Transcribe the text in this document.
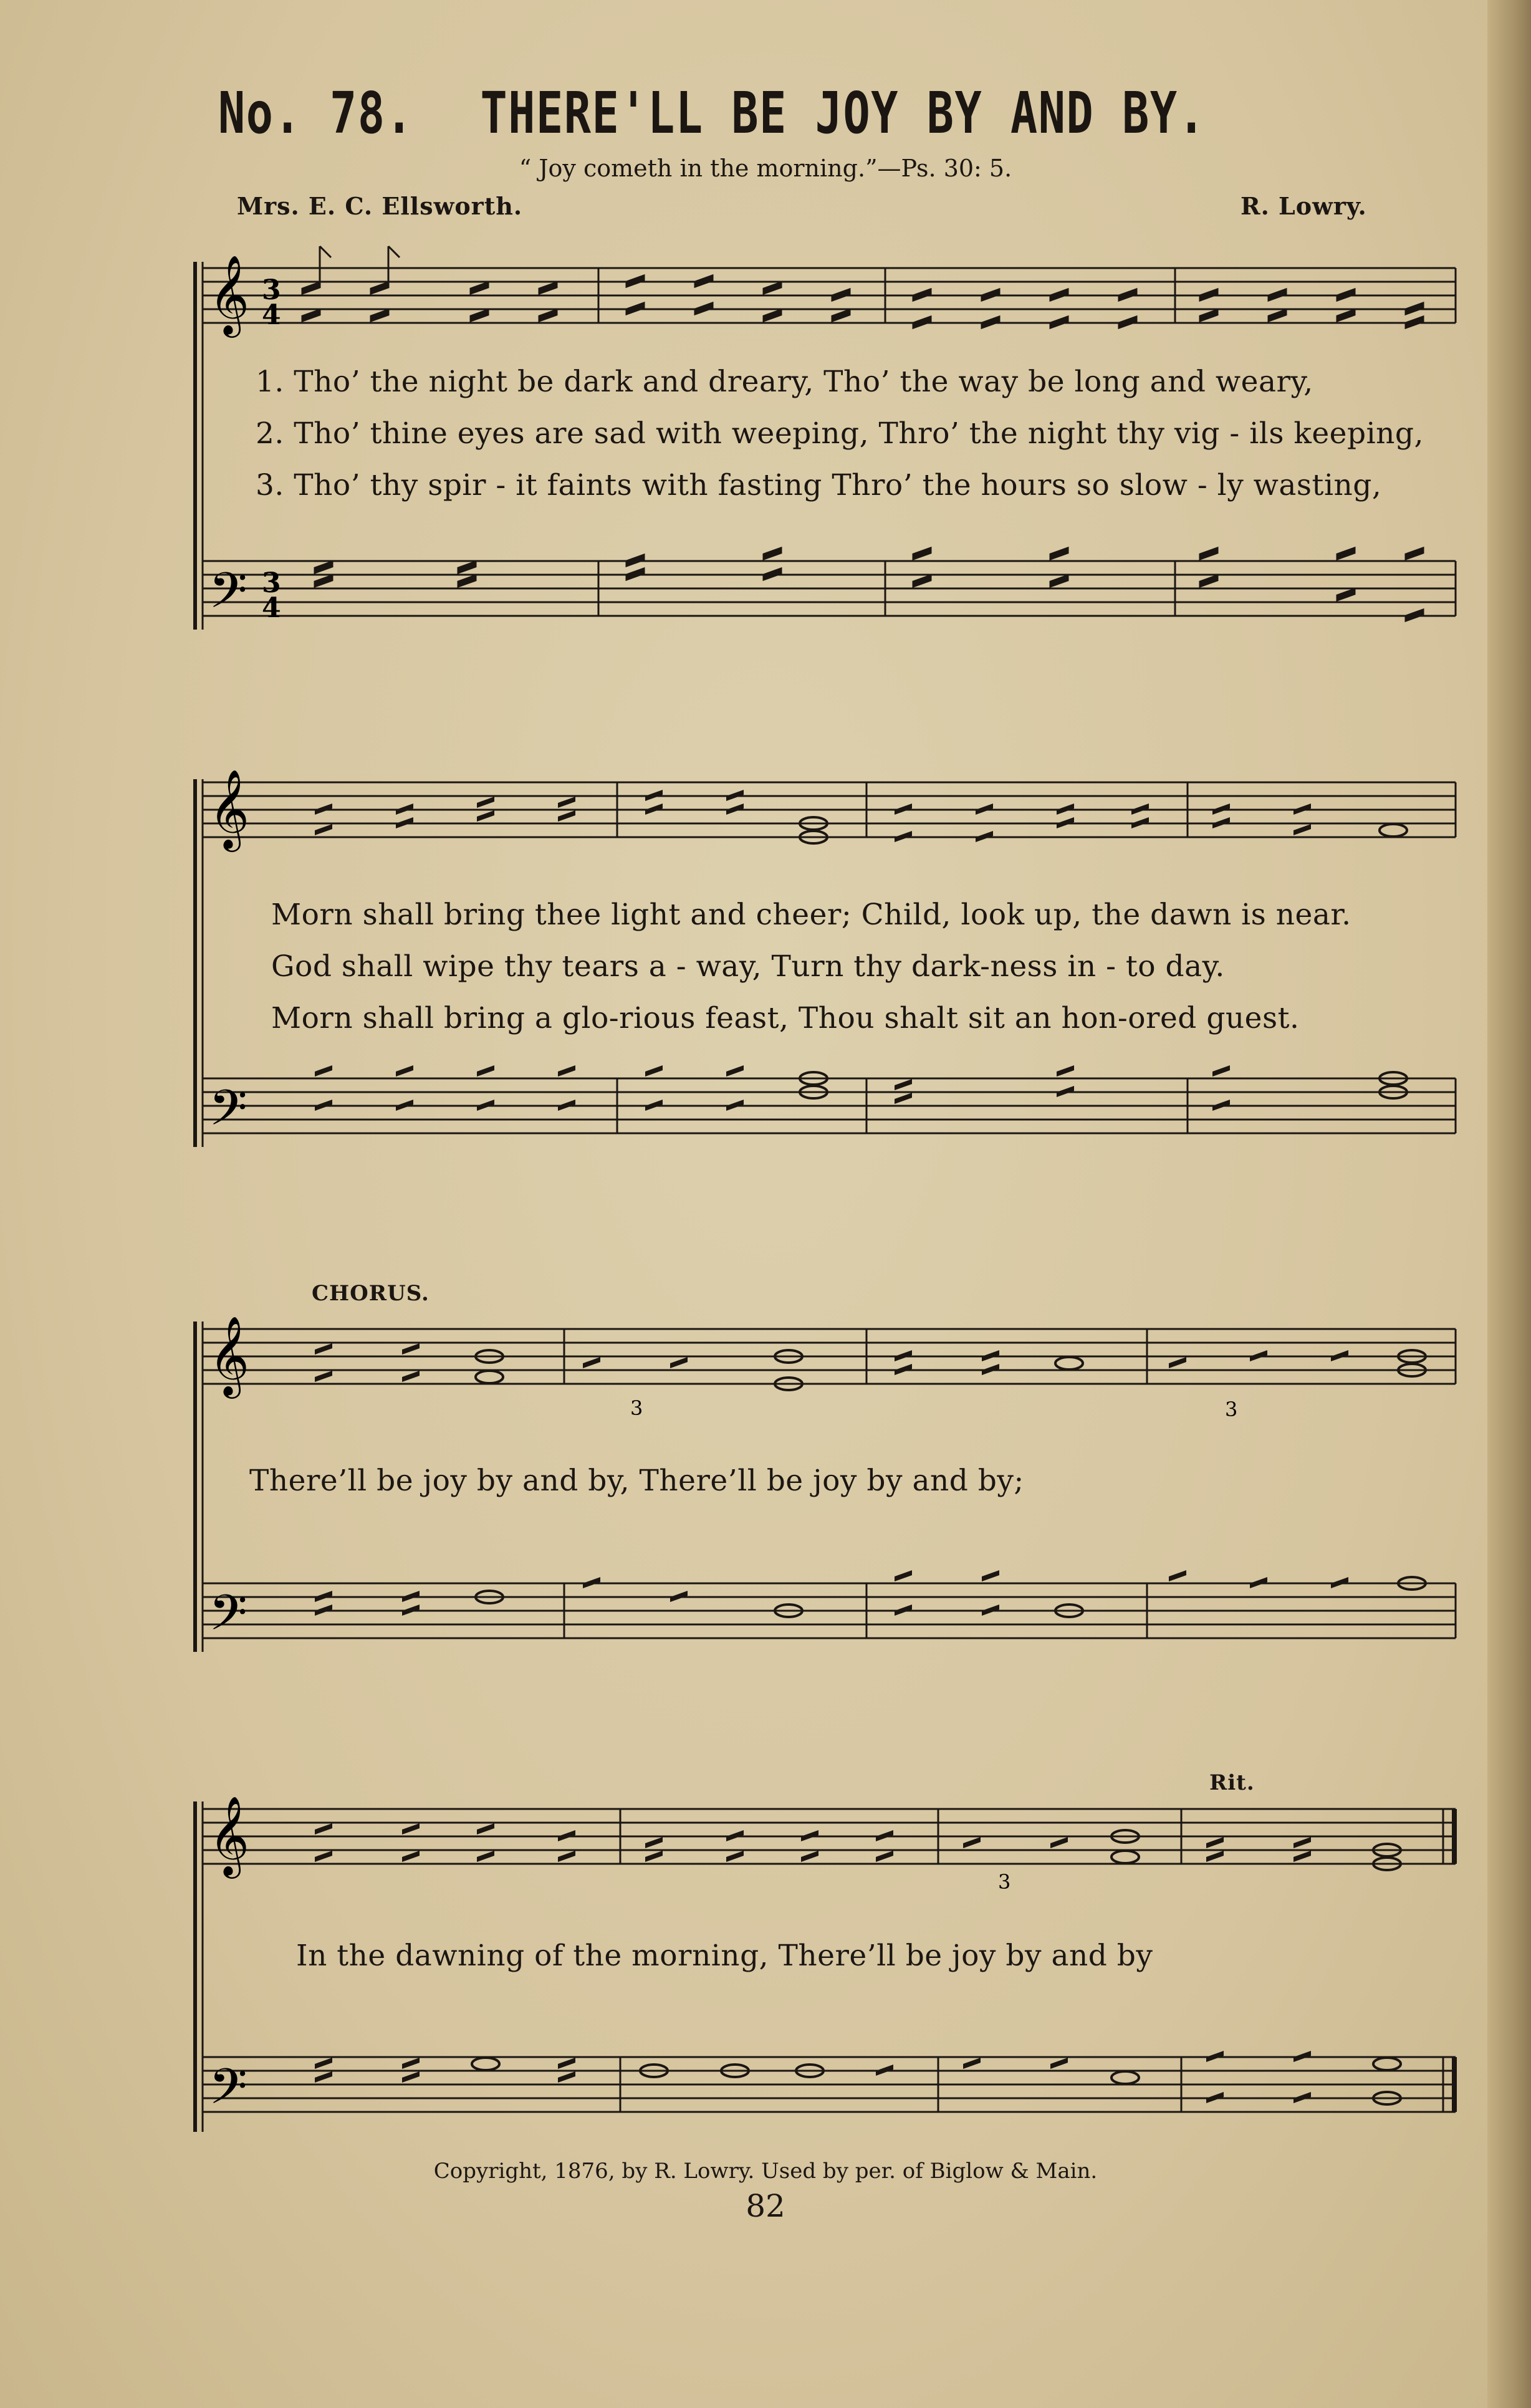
No. 78. THERE'LL BE JOY BY AND BY.
“ Joy cometh in the morning.”—Ps. 30: 5.
Mrs. E. C. Ellsworth.	R. Lowry.
𝄞
𝄢
3
4
3
4
1. Tho’ the night be dark and dreary, Tho’ the way be long and weary,
2. Tho’ thine eyes are sad with weeping, Thro’ the night thy vig - ils keeping,
3. Tho’ thy spir - it faints with fasting Thro’ the hours so slow - ly wasting,
𝄞
𝄢
Morn shall bring thee light and cheer; Child, look up, the dawn is near.
God shall wipe thy tears a - way, Turn thy dark-ness in - to day.
Morn shall bring a glo-rious feast, Thou shalt sit an hon-ored guest.
CHORUS.
𝄞
𝄢
3	3
There’ll be joy by and by, There’ll be joy by and by;
Rit.
𝄞
𝄢
3
In the dawning of the morning, There’ll be joy by and by
Copyright, 1876, by R. Lowry. Used by per. of Biglow & Main.
82
